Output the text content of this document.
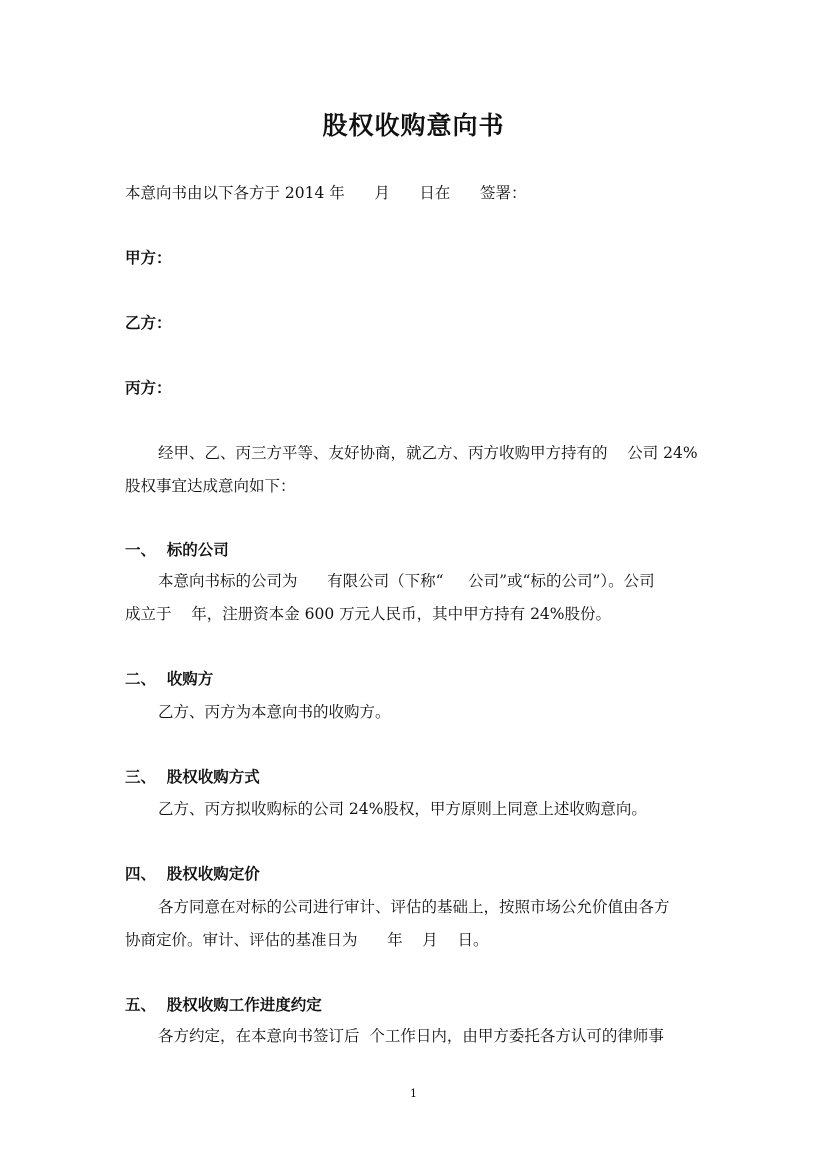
股权收购意向书
本意向书由以下各方于 2014 年      月      日在      签署：
甲方：
乙方：
丙方：
经甲、乙、丙三方平等、友好协商，就乙方、丙方收购甲方持有的    公司 24%
股权事宜达成意向如下：
一、  标的公司
本意向书标的公司为      有限公司（下称“     公司”或“标的公司”）。公司
成立于    年，注册资本金 600 万元人民币，其中甲方持有 24%股份。
二、  收购方
乙方、丙方为本意向书的收购方。
三、  股权收购方式
乙方、丙方拟收购标的公司 24%股权，甲方原则上同意上述收购意向。
四、  股权收购定价
各方同意在对标的公司进行审计、评估的基础上，按照市场公允价值由各方
协商定价。审计、评估的基准日为      年    月    日。
五、  股权收购工作进度约定
各方约定，在本意向书签订后  个工作日内，由甲方委托各方认可的律师事
1
